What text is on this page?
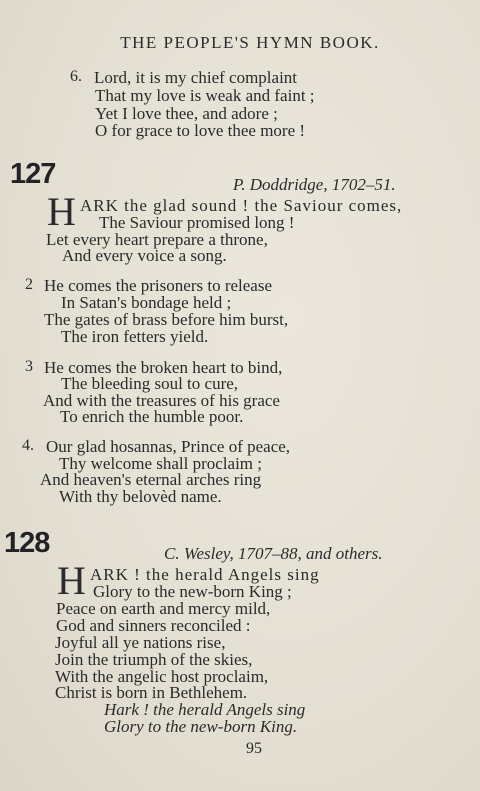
THE PEOPLE'S HYMN BOOK.
6. Lord, it is my chief complaint
That my love is weak and faint ;
Yet I love thee, and adore ;
O for grace to love thee more !
127	P. Doddridge, 1702–51.
H ARK the glad sound ! the Saviour comes,
The Saviour promised long !
Let every heart prepare a throne,
And every voice a song.
2 He comes the prisoners to release
In Satan's bondage held ;
The gates of brass before him burst,
The iron fetters yield.
3 He comes the broken heart to bind,
The bleeding soul to cure,
And with the treasures of his grace
To enrich the humble poor.
4. Our glad hosannas, Prince of peace,
Thy welcome shall proclaim ;
And heaven's eternal arches ring
With thy belovèd name.
128	C. Wesley, 1707–88, and others.
H ARK ! the herald Angels sing
Glory to the new-born King ;
Peace on earth and mercy mild,
God and sinners reconciled :
Joyful all ye nations rise,
Join the triumph of the skies,
With the angelic host proclaim,
Christ is born in Bethlehem.
Hark ! the herald Angels sing
Glory to the new-born King.
95
